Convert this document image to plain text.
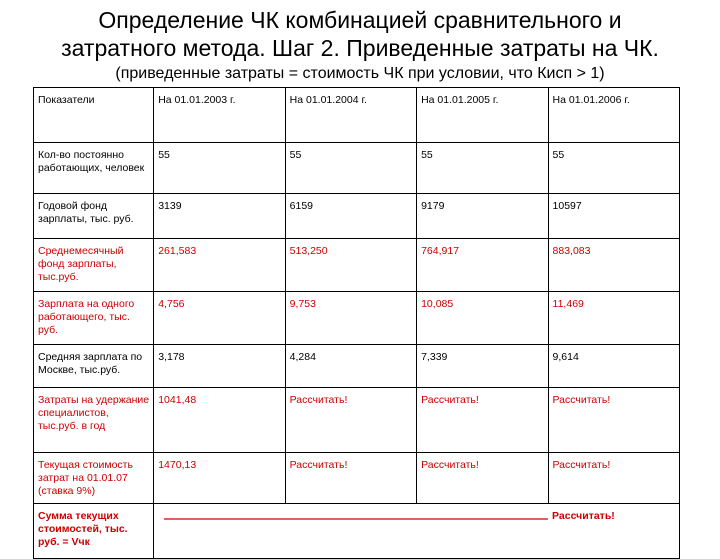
Определение ЧК комбинацией сравнительного и
затратного метода. Шаг 2. Приведенные затраты на ЧК.
(приведенные затраты = стоимость ЧК при условии, что Кисп > 1)
Показатели	На 01.01.2003 г.	На 01.01.2004 г.	На 01.01.2005 г.	На 01.01.2006 г.
Кол-во постоянно работающих, человек	55	55	55	55
Годовой фонд зарплаты, тыс. руб.	3139	6159	9179	10597
Среднемесячный фонд зарплаты, тыс.руб.	261,583	513,250	764,917	883,083
Зарплата на одного работающего, тыс. руб.	4,756	9,753	10,085	11,469
Средняя зарплата по Москве, тыс.руб.	3,178	4,284	7,339	9,614
Затраты на удержание специалистов, тыс.руб. в год	1041,48	Рассчитать!	Рассчитать!	Рассчитать!
Текущая стоимость затрат на 01.01.07 (ставка 9%)	1470,13	Рассчитать!	Рассчитать!	Рассчитать!
Сумма текущих стоимостей, тыс. руб. = Vчк				Рассчитать!
